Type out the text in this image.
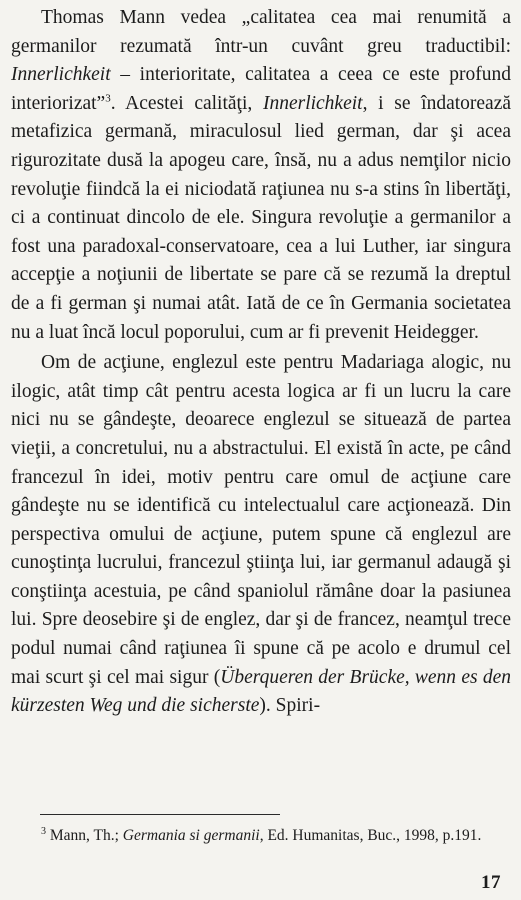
Thomas Mann vedea „calitatea cea mai renumită a germanilor rezumată într-un cuvânt greu traductibil: Innerlichkeit – interioritate, calitatea a ceea ce este profund interiorizat”$^3$. Acestei calităţi, Innerlichkeit, i se îndatorează metafizica germană, miraculosul lied german, dar şi acea rigurozitate dusă la apogeu care, însă, nu a adus nemţilor nicio revoluţie fiindcă la ei niciodată raţiunea nu s-a stins în libertăţi, ci a continuat dincolo de ele. Singura revoluţie a germanilor a fost una paradoxal-conservatoare, cea a lui Luther, iar singura accepţie a noţiunii de libertate se pare că se rezumă la dreptul de a fi german şi numai atât. Iată de ce în Germania societatea nu a luat încă locul poporului, cum ar fi prevenit Heidegger.

Om de acţiune, englezul este pentru Madariaga alogic, nu ilogic, atât timp cât pentru acesta logica ar fi un lucru la care nici nu se gândeşte, deoarece englezul se situează de partea vieţii, a concretului, nu a abstractului. El există în acte, pe când francezul în idei, motiv pentru care omul de acţiune care gândeşte nu se identifică cu intelectualul care acţionează. Din perspectiva omului de acţiune, putem spune că englezul are cunoştinţa lucrului, francezul ştiinţa lui, iar germanul adaugă şi conştiinţa acestuia, pe când spaniolul rămâne doar la pasiunea lui. Spre deosebire şi de englez, dar şi de francez, neamţul trece podul numai când raţiunea îi spune că pe acolo e drumul cel mai scurt şi cel mai sigur (Überqueren der Brücke, wenn es den kürzesten Weg und die sicherste). Spiri-

$^3$ Mann, Th.; Germania si germanii, Ed. Humanitas, Buc., 1998, p.191.
17
